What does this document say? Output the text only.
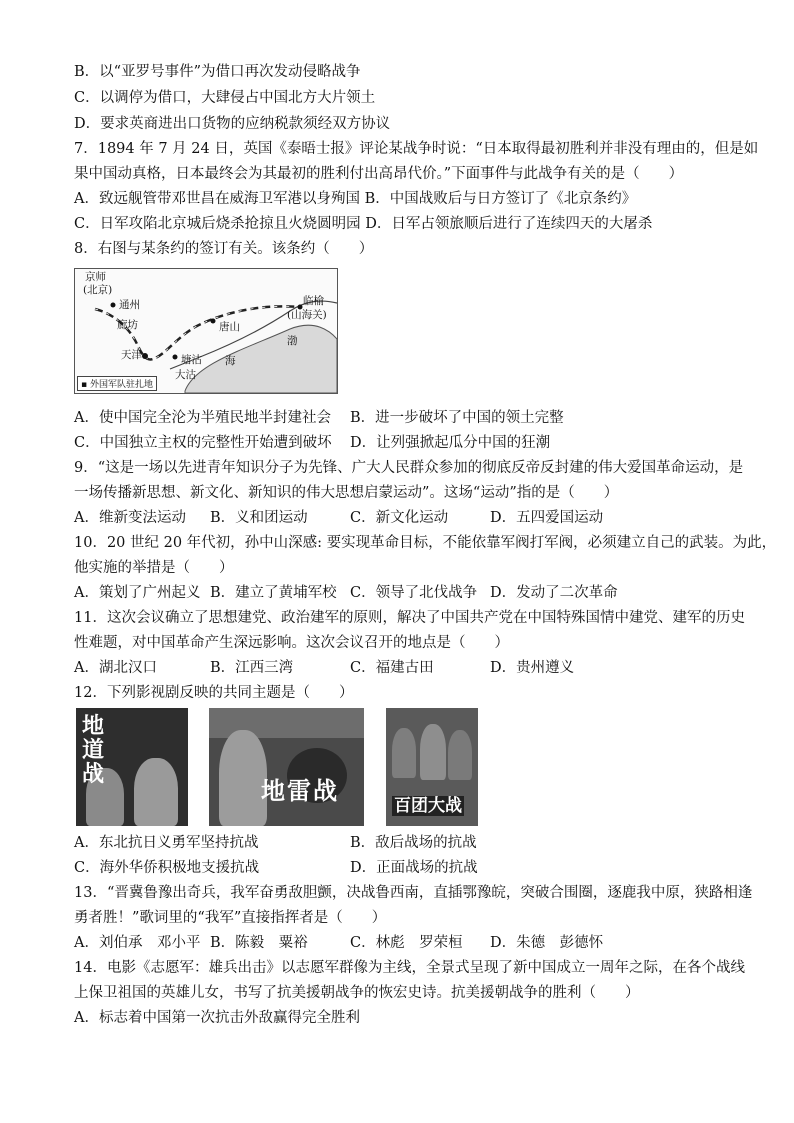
B．以“亚罗号事件”为借口再次发动侵略战争
C．以调停为借口，大肆侵占中国北方大片领土
D．要求英商进出口货物的应纳税款须经双方协议
7．1894 年 7 月 24 日，英国《泰晤士报》评论某战争时说：“日本取得最初胜利并非没有理由的，但是如
果中国动真格，日本最终会为其最初的胜利付出高昂代价。”下面事件与此战争有关的是（　　）
A．致远舰管带邓世昌在威海卫军港以身殉国 B．中国战败后与日方签订了《北京条约》
C．日军攻陷北京城后烧杀抢掠且火烧圆明园 D．日军占领旅顺后进行了连续四天的大屠杀
8．右图与某条约的签订有关。该条约（　　）
京师
(北京)
通州
廊坊
天津	塘沽
大沽
唐山
临榆
(山海关)
渤
海
▪ 外国军队驻扎地
A．使中国完全沦为半殖民地半封建社会 B．进一步破坏了中国的领土完整
C．中国独立主权的完整性开始遭到破坏 D．让列强掀起瓜分中国的狂潮
9．“这是一场以先进青年知识分子为先锋、广大人民群众参加的彻底反帝反封建的伟大爱国革命运动，是
一场传播新思想、新文化、新知识的伟大思想启蒙运动”。这场“运动”指的是（　　）
A．维新变法运动 B．义和团运动	C．新文化运动	D．五四爱国运动
10．20 世纪 20 年代初，孙中山深感: 要实现革命目标，不能依靠军阀打军阀，必须建立自己的武装。为此，
他实施的举措是（　　）
A．策划了广州起义 B．建立了黄埔军校 C．领导了北伐战争 D．发动了二次革命
11．这次会议确立了思想建党、政治建军的原则，解决了中国共产党在中国特殊国情中建党、建军的历史
性难题，对中国革命产生深远影响。这次会议召开的地点是（　　）
A．湖北汉口	B．江西三湾	C．福建古田	D．贵州遵义
12．下列影视剧反映的共同主题是（　　）
地道战
地雷战
百团大战
A．东北抗日义勇军坚持抗战	B．敌后战场的抗战
C．海外华侨积极地支援抗战	D．正面战场的抗战
13．“晋冀鲁豫出奇兵，我军奋勇敌胆颤，决战鲁西南，直插鄂豫皖，突破合围圈，逐鹿我中原，狭路相逢
勇者胜！”歌词里的“我军”直接指挥者是（　　）
A．刘伯承　邓小平 B．陈毅　粟裕	C．林彪　罗荣桓 D．朱德　彭德怀
14．电影《志愿军：雄兵出击》以志愿军群像为主线，全景式呈现了新中国成立一周年之际，在各个战线
上保卫祖国的英雄儿女，书写了抗美援朝战争的恢宏史诗。抗美援朝战争的胜利（　　）
A．标志着中国第一次抗击外敌赢得完全胜利
